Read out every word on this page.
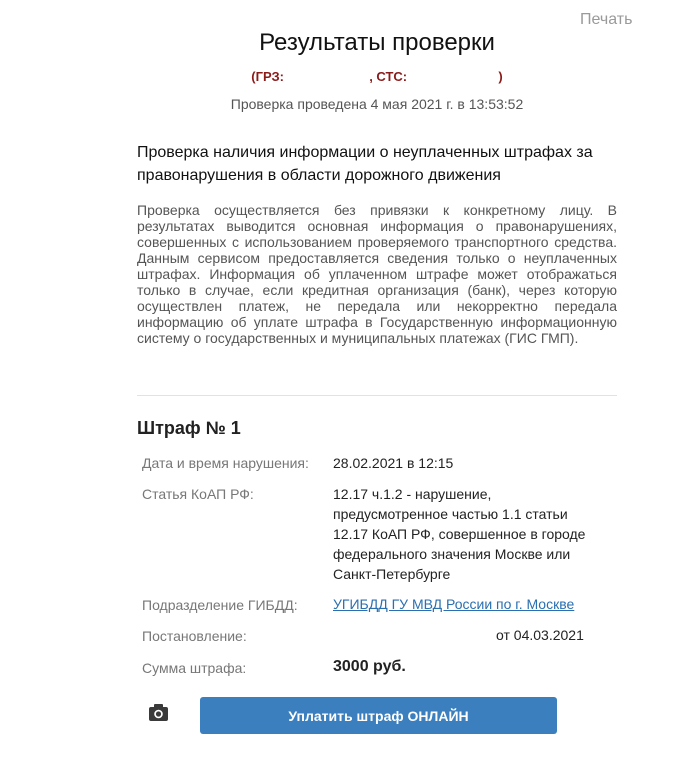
Печать
Результаты проверки
(ГРЗ:	, СТС:	)
Проверка проведена 4 мая 2021 г. в 13:53:52
Проверка наличия информации о неуплаченных штрафах за правонарушения в области дорожного движения
Проверка осуществляется без привязки к конкретному лицу. В результатах выводится основная информация о правонарушениях, совершенных с использованием проверяемого транспортного средства. Данным сервисом предоставляется сведения только о неуплаченных штрафах. Информация об уплаченном штрафе может отображаться только в случае, если кредитная организация (банк), через которую осуществлен платеж, не передала или некорректно передала информацию об уплате штрафа в Государственную информационную систему о государственных и муниципальных платежах (ГИС ГМП).
Штраф № 1
Дата и время нарушения: 28.02.2021 в 12:15
Статья КоАП РФ:	12.17 ч.1.2 - нарушение, предусмотренное частью 1.1 статьи 12.17 КоАП РФ, совершенное в городе федерального значения Москве или Санкт-Петербурге
Подразделение ГИБДД:	УГИБДД ГУ МВД России по г. Москве
Постановление:	от 04.03.2021
Сумма штрафа:	3000 руб.
Уплатить штраф ОНЛАЙН
